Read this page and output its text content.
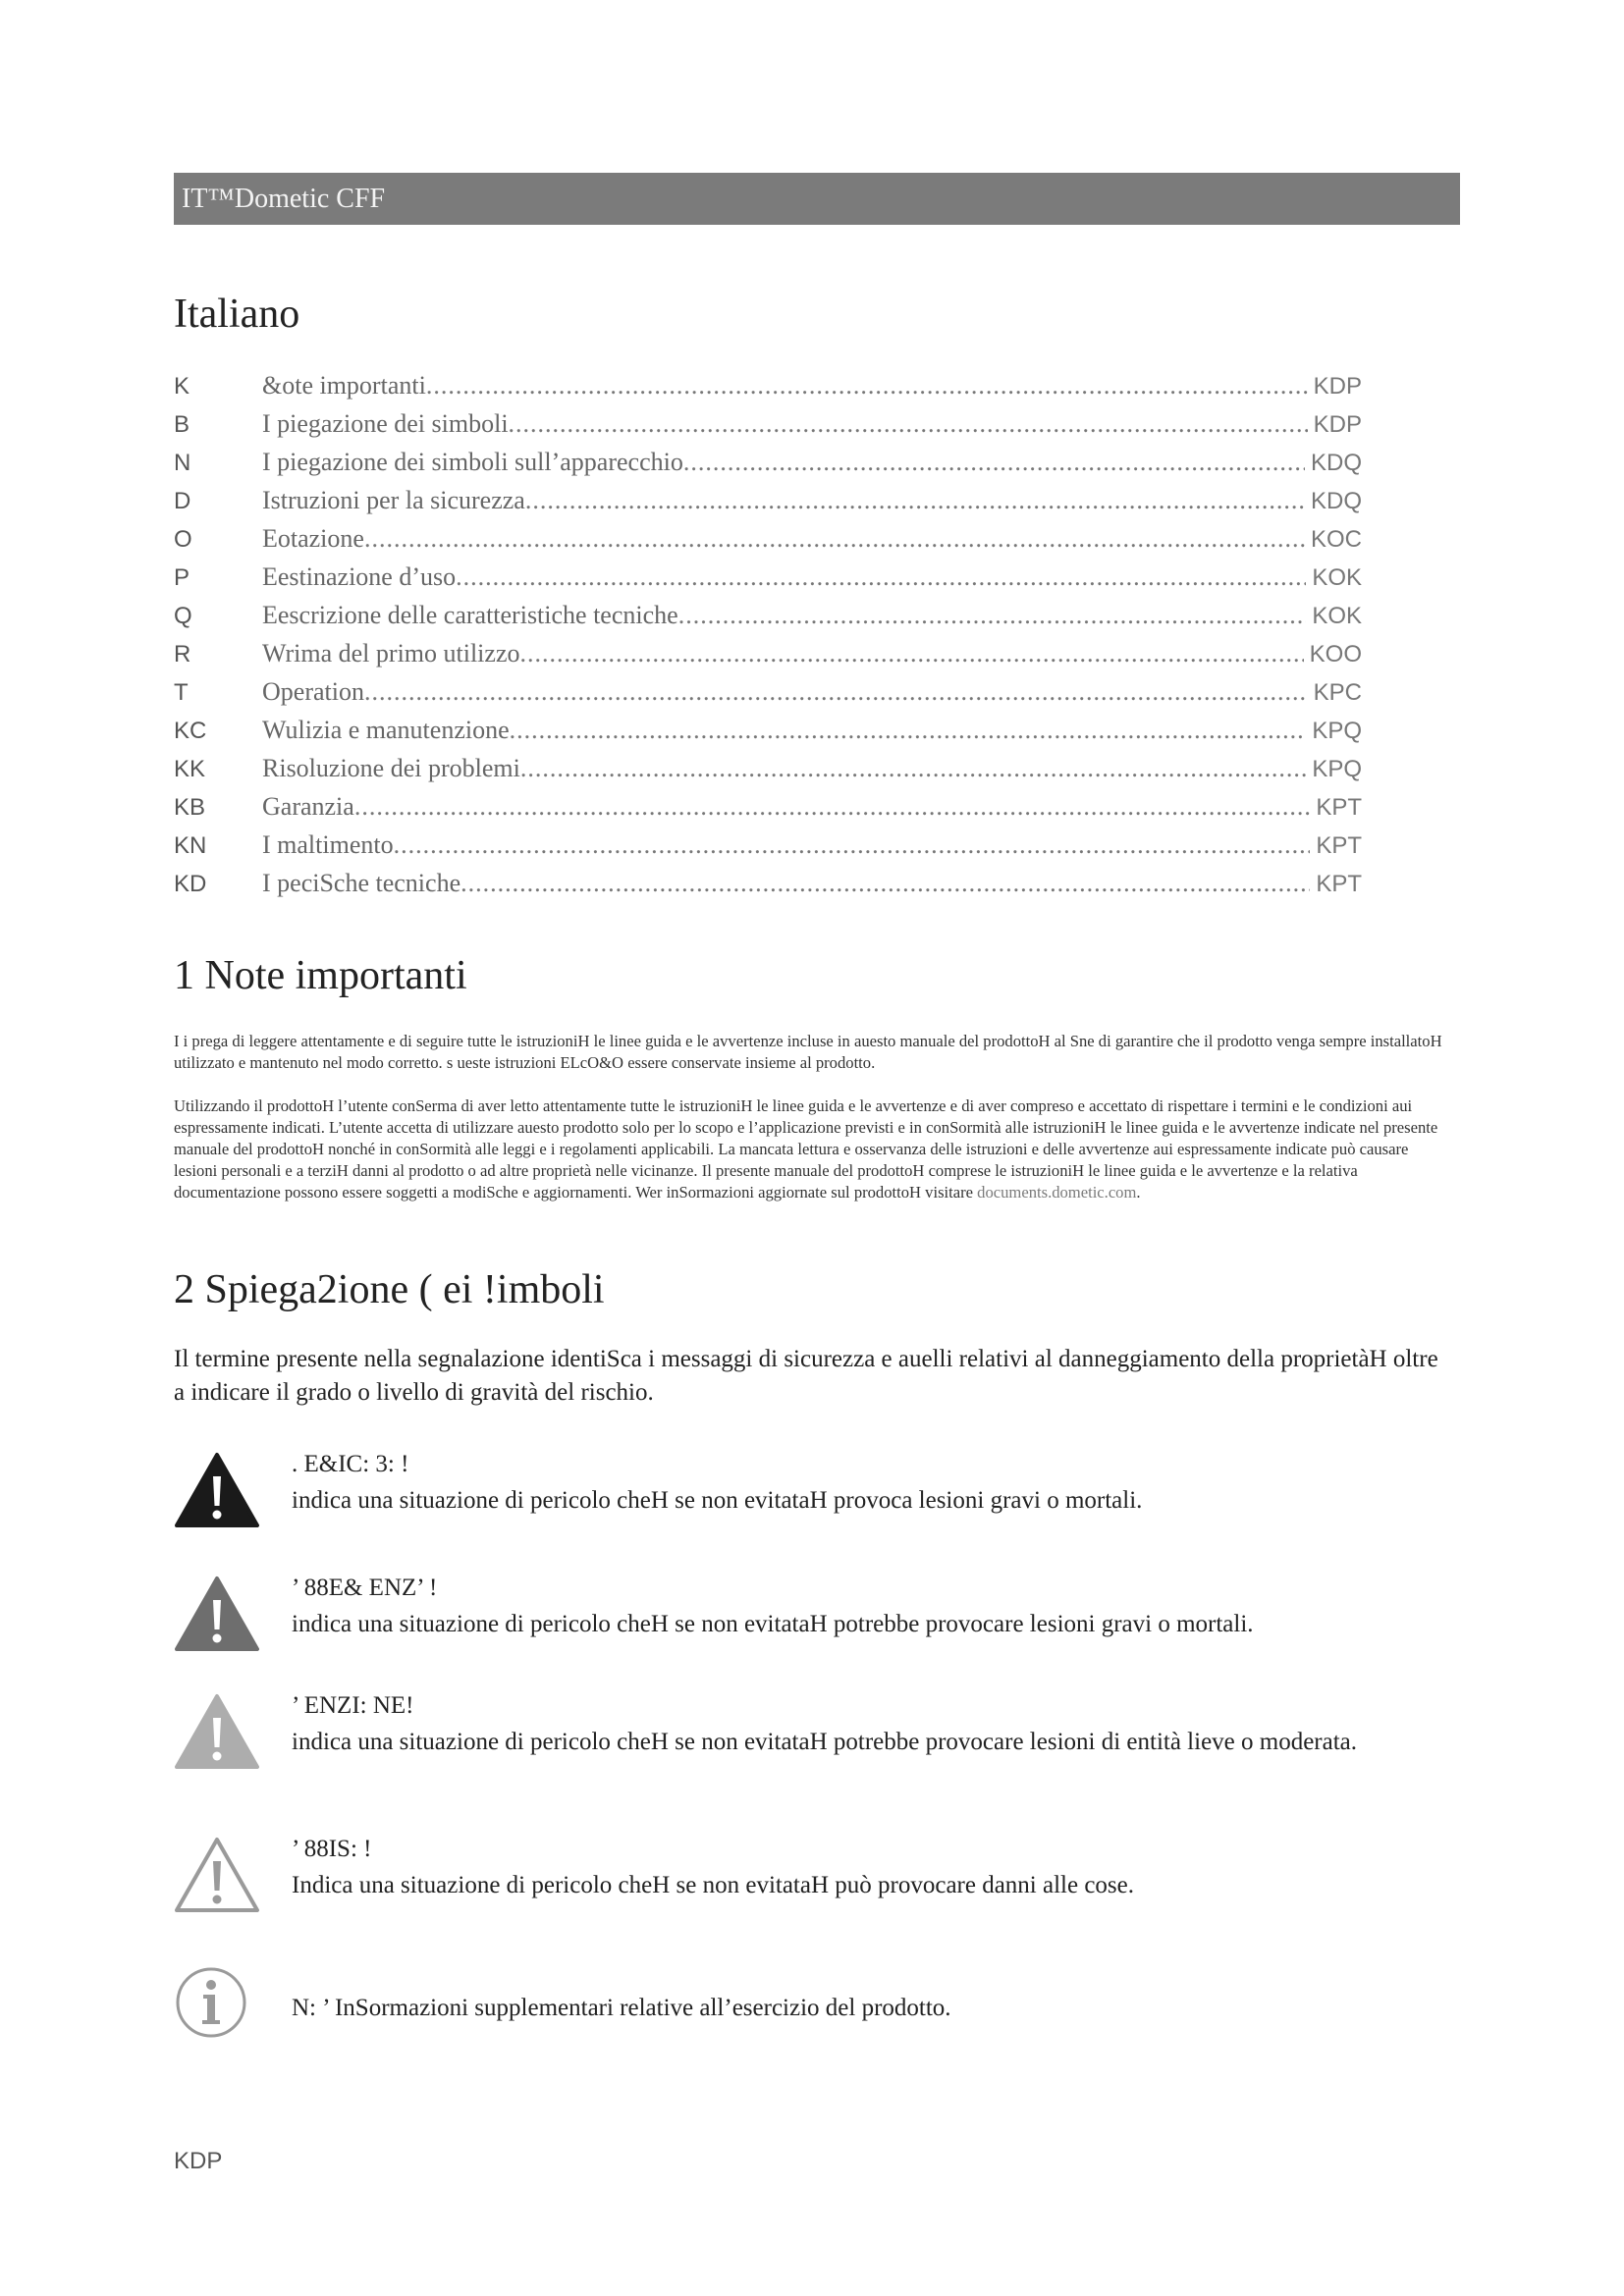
IT™Dometic CFF
Italiano
K	&ote importanti .....	KDP
B	I piegazione dei simboli .....	KDP
N	I piegazione dei simboli sull’apparecchio .....	KDQ
D	Istruzioni per la sicurezza .....	KDQ
O	Eotazione .....	KOC
P	Eestinazione d’uso .....	KOK
Q	Eescrizione delle caratteristiche tecniche .....	KOK
R	Wrima del primo utilizzo .....	KOO
T	Operation .....	KPC
KC	Wulizia e manutenzione .....	KPQ
KK	Risoluzione dei problemi .....	KPQ
KB	Garanzia .....	KPT
KN	I maltimento .....	KPT
KD	I peciSche tecniche .....	KPT
1 Note importanti

I i prega di leggere attentamente e di seguire tutte le istruzioniH le linee guida e le avvertenze incluse in auesto manuale del prodottoH al Sne di garantire che il prodotto venga sempre installatoH utilizzato e mantenuto nel modo corretto. s ueste istruzioni ELcO&O essere conservate insieme al prodotto.

Utilizzando il prodottoH l’utente conSerma di aver letto attentamente tutte le istruzioniH le linee guida e le avvertenze e di aver compreso e accettato di rispettare i termini e le condizioni aui espressamente indicati. L’utente accetta di utilizzare auesto prodotto solo per lo scopo e l’applicazione previsti e in conSormità alle istruzioniH le linee guida e le avvertenze indicate nel presente manuale del prodottoH nonché in conSormità alle leggi e i regolamenti applicabili. La mancata lettura e osservanza delle istruzioni e delle avvertenze aui espressamente indicate può causare lesioni personali e a terziH danni al prodotto o ad altre proprietà nelle vicinanze. Il presente manuale del prodottoH comprese le istruzioniH le linee guida e le avvertenze e la relativa documentazione possono essere soggetti a modiSche e aggiornamenti. Wer inSormazioni aggiornate sul prodottoH visitare documents.dometic.com.

2 Spiega2ione ( ei !imboli

Il termine presente nella segnalazione identiSca i messaggi di sicurezza e auelli relativi al danneggiamento della proprietàH oltre a indicare il grado o livello di gravità del rischio.

. E&IC: 3: !
indica una situazione di pericolo cheH se non evitataH provoca lesioni gravi o mortali.
’ 88E& ENZ’ !
indica una situazione di pericolo cheH se non evitataH potrebbe provocare lesioni gravi o mortali.
’ ENZI: NE!
indica una situazione di pericolo cheH se non evitataH potrebbe provocare lesioni di entità lieve o moderata.
’ 88IS: !
Indica una situazione di pericolo cheH se non evitataH può provocare danni alle cose.
N: ’ InSormazioni supplementari relative all’esercizio del prodotto.
KDP
